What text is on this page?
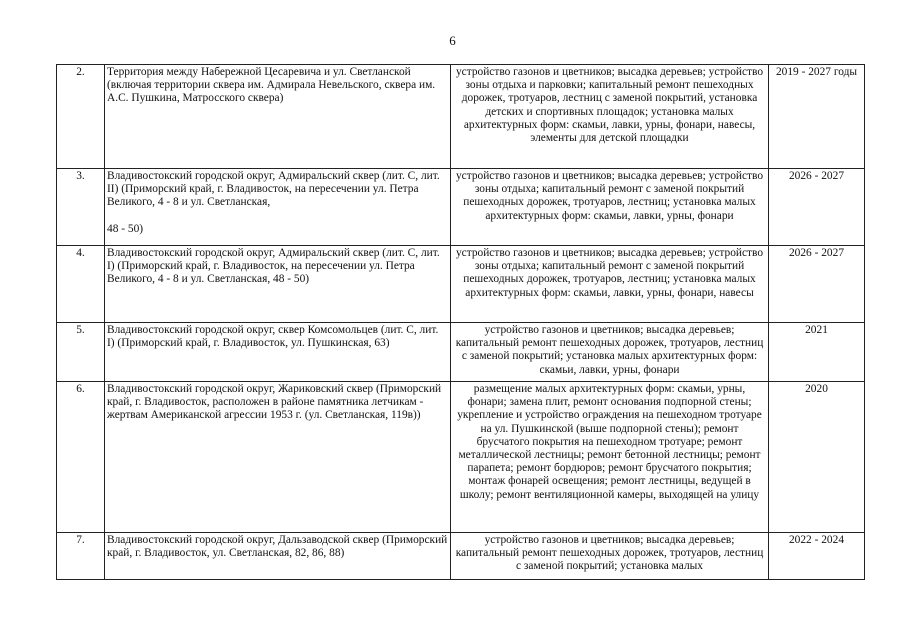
6
2.	Территория между Набережной Цесаревича и ул. Светланской (включая территории сквера им. Адмирала Невельского, сквера им. А.С. Пушкина, Матросского сквера)	устройство газонов и цветников; высадка деревьев; устройство зоны отдыха и парковки; капитальный ремонт пешеходных дорожек, тротуаров, лестниц с заменой покрытий, установка детских и спортивных площадок; установка малых архитектурных форм: скамьи, лавки, урны, фонари, навесы, элементы для детской площадки	2019 - 2027 годы
3.	Владивостокский городской округ, Адмиральский сквер (лит. С, лит. II) (Приморский край, г. Владивосток, на пересечении ул. Петра Великого, 4 - 8 и ул. Светланская,
48 - 50)	устройство газонов и цветников; высадка деревьев; устройство зоны отдыха; капитальный ремонт с заменой покрытий пешеходных дорожек, тротуаров, лестниц; установка малых архитектурных форм: скамьи, лавки, урны, фонари	2026 - 2027
4.	Владивостокский городской округ, Адмиральский сквер (лит. С, лит. I) (Приморский край, г. Владивосток, на пересечении ул. Петра Великого, 4 - 8 и ул. Светланская, 48 - 50)	устройство газонов и цветников; высадка деревьев; устройство зоны отдыха; капитальный ремонт с заменой покрытий пешеходных дорожек, тротуаров, лестниц; установка малых архитектурных форм: скамьи, лавки, урны, фонари, навесы	2026 - 2027
5.	Владивостокский городской округ, сквер Комсомольцев (лит. С, лит. I) (Приморский край, г. Владивосток, ул. Пушкинская, 63)	устройство газонов и цветников; высадка деревьев; капитальный ремонт пешеходных дорожек, тротуаров, лестниц с заменой покрытий; установка малых архитектурных форм: скамьи, лавки, урны, фонари	2021
6.	Владивостокский городской округ, Жариковский сквер (Приморский край, г. Владивосток, расположен в районе памятника летчикам - жертвам Американской агрессии 1953 г. (ул. Светланская, 119в))	размещение малых архитектурных форм: скамьи, урны, фонари; замена плит, ремонт основания подпорной стены; укрепление и устройство ограждения на пешеходном тротуаре на ул. Пушкинской (выше подпорной стены); ремонт брусчатого покрытия на пешеходном тротуаре; ремонт металлической лестницы; ремонт бетонной лестницы; ремонт парапета; ремонт бордюров; ремонт брусчатого покрытия; монтаж фонарей освещения; ремонт лестницы, ведущей в школу; ремонт вентиляционной камеры, выходящей на улицу	2020
7.	Владивостокский городской округ, Дальзаводской сквер (Приморский край, г. Владивосток, ул. Светланская, 82, 86, 88)	устройство газонов и цветников; высадка деревьев; капитальный ремонт пешеходных дорожек, тротуаров, лестниц с заменой покрытий; установка малых	2022 - 2024
